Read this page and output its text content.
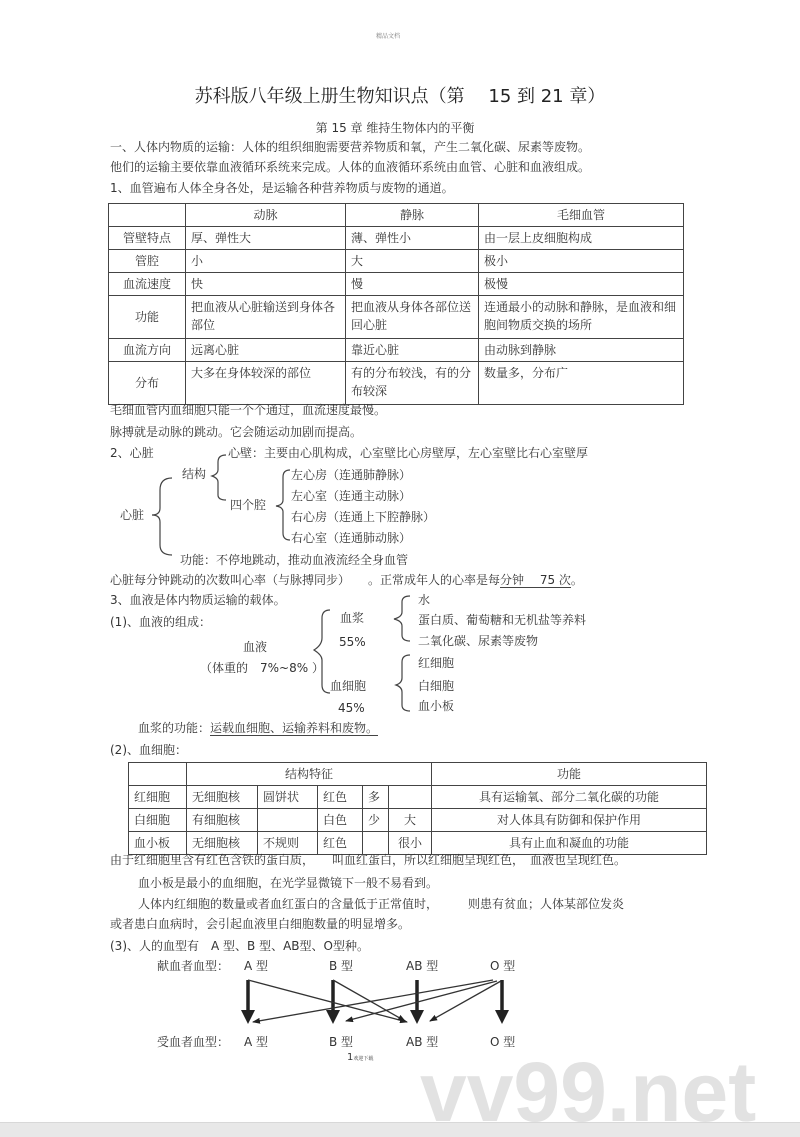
精品文档
苏科版八年级上册生物知识点（第　 15 到 21 章）
第 15 章 维持生物体内的平衡
一、人体内物质的运输：人体的组织细胞需要营养物质和氧，产生二氧化碳、尿素等废物。
他们的运输主要依靠血液循环系统来完成。人体的血液循环系统由血管、心脏和血液组成。
1、血管遍布人体全身各处，是运输各种营养物质与废物的通道。
	动脉	静脉	毛细血管
管壁特点	厚、弹性大	薄、弹性小	由一层上皮细胞构成
管腔	小	大	极小
血流速度	快	慢	极慢
功能	把血液从心脏输送到身体各部位	把血液从身体各部位送回心脏	连通最小的动脉和静脉，是血液和细胞间物质交换的场所
血流方向	远离心脏	靠近心脏	由动脉到静脉
分布	大多在身体较深的部位	有的分布较浅，有的分布较深	数量多，分布广
毛细血管内血细胞只能一个个通过，血流速度最慢。
脉搏就是动脉的跳动。它会随运动加剧而提高。
2、心脏	心壁：主要由心肌构成，心室壁比心房壁厚，左心室壁比右心室壁厚
结构
四个腔
心脏
左心房（连通肺静脉）
左心室（连通主动脉）
右心房（连通上下腔静脉）
右心室（连通肺动脉）
功能：不停地跳动，推动血液流经全身血管
心脏每分钟跳动的次数叫心率（与脉搏同步）　　。正常成年人的心率是每分钟　 75 次。
3、血液是体内物质运输的载体。
(1)、血液的组成：
血液
（体重的　7%~8% ）
血浆
55%
水
蛋白质、葡萄糖和无机盐等养料
二氧化碳、尿素等废物
血细胞
45%
红细胞
白细胞
血小板
血浆的功能：运载血细胞、运输养料和废物。
(2)、血细胞：
	结构特征					功能
红细胞	无细胞核	圆饼状	红色	多		具有运输氧、部分二氧化碳的功能
白细胞	有细胞核		白色	少	大	对人体具有防御和保护作用
血小板	无细胞核	不规则	红色		很小	具有止血和凝血的功能
由于红细胞里含有红色含铁的蛋白质，　　叫血红蛋白，所以红细胞呈现红色，　血液也呈现红色。
血小板是最小的血细胞，在光学显微镜下一般不易看到。
人体内红细胞的数量或者血红蛋白的含量低于正常值时，　　　则患有贫血；人体某部位发炎
或者患白血病时，会引起血液里白细胞数量的明显增多。
(3)、人的血型有　A 型、B 型、AB型、O型种。
献血者血型： A 型	B 型	AB 型	O 型
受血者血型： A 型	B 型	AB 型	O 型
1欢迎下载 vv99.net
